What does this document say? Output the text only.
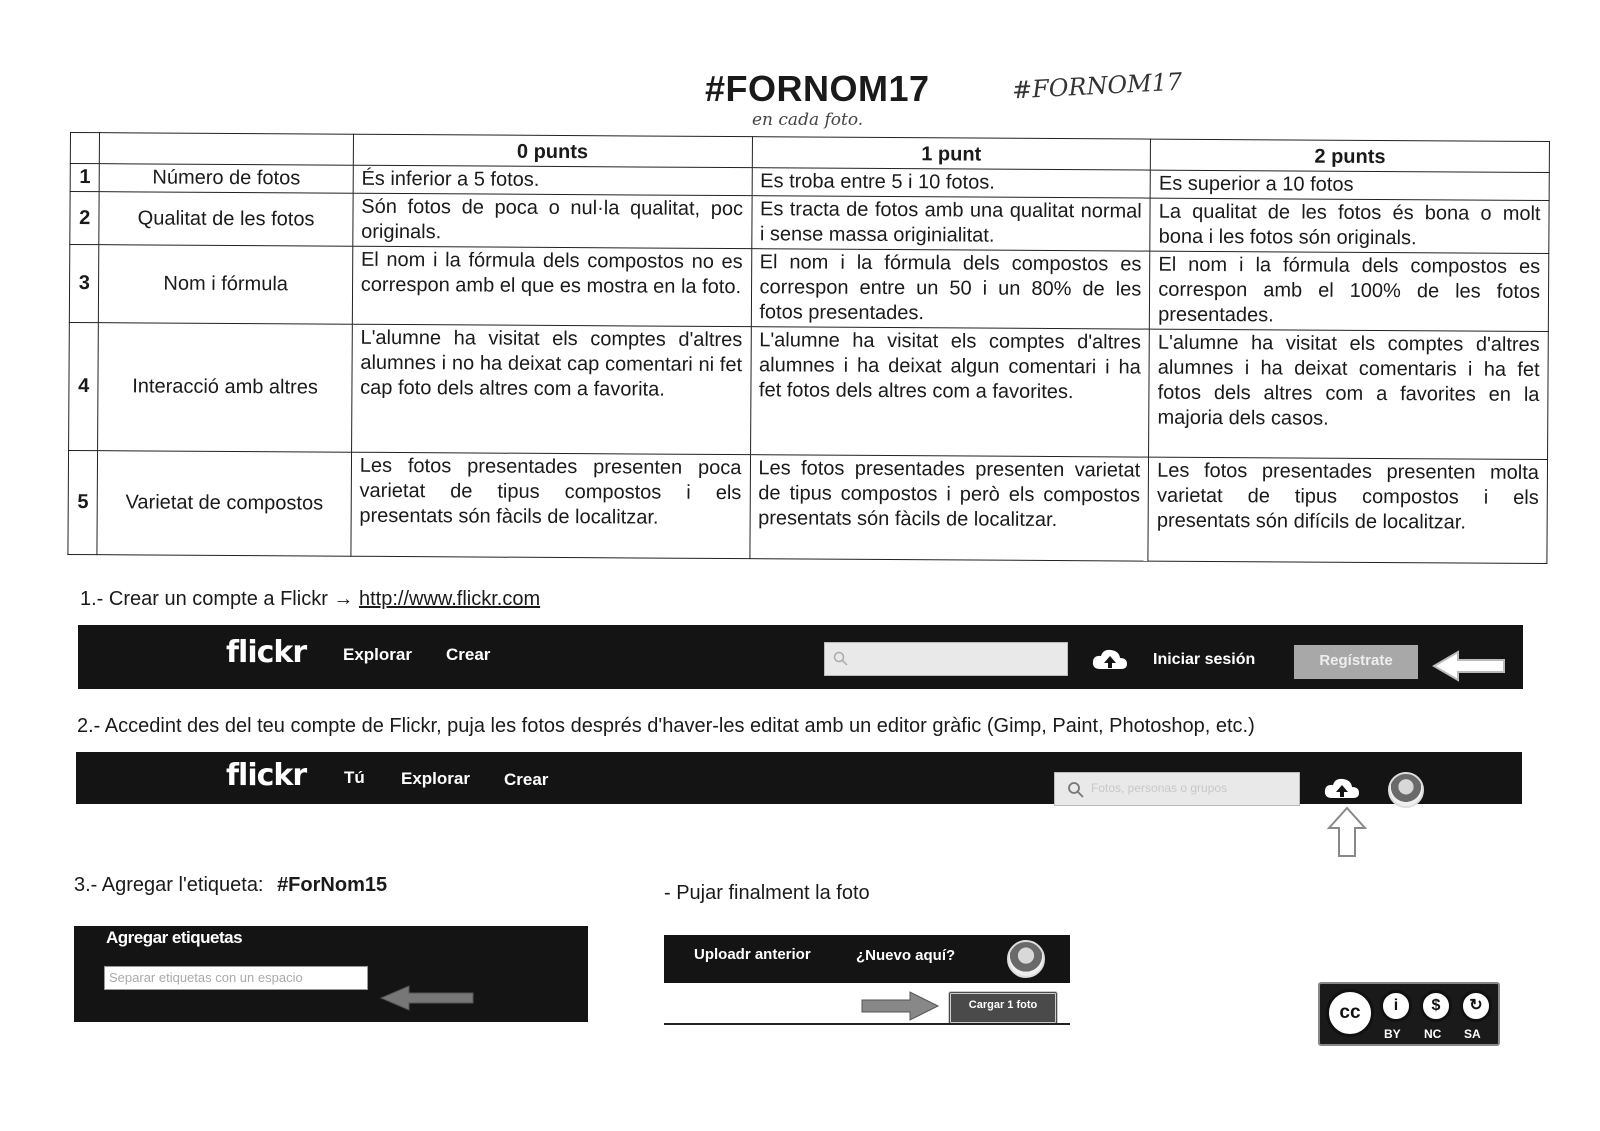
#FORNOM17	#FORNOM17
en cada foto.
		0 punts	1 punt	2 punts
1	Número de fotos	És inferior a 5 fotos.	Es troba entre 5 i 10 fotos.	Es superior a 10 fotos
2	Qualitat de les fotos	Són fotos de poca o nul·la qualitat, poc originals.	Es tracta de fotos amb una qualitat normal i sense massa originialitat.	La qualitat de les fotos és bona o molt bona i les fotos són originals.
3	Nom i fórmula	El nom i la fórmula dels compostos no es correspon amb el que es mostra en la foto.	El nom i la fórmula dels compostos es correspon entre un 50 i un 80% de les fotos presentades.	El nom i la fórmula dels compostos es correspon amb el 100% de les fotos presentades.
4	Interacció amb altres	L'alumne ha visitat els comptes d'altres alumnes i no ha deixat cap comentari ni fet cap foto dels altres com a favorita.	L'alumne ha visitat els comptes d'altres alumnes i ha deixat algun comentari i ha fet fotos dels altres com a favorites.	L'alumne ha visitat els comptes d'altres alumnes i ha deixat comentaris i ha fet fotos dels altres com a favorites en la majoria dels casos.
5	Varietat de compostos	Les fotos presentades presenten poca varietat de tipus compostos i els presentats són fàcils de localitzar.	Les fotos presentades presenten varietat de tipus compostos i però els compostos presentats són fàcils de localitzar.	Les fotos presentades presenten molta varietat de tipus compostos i els presentats són difícils de localitzar.
1.- Crear un compte a Flickr → http://www.flickr.com
flickr Explorar Crear	Iniciar sesión	Regístrate
2.- Accedint des del teu compte de Flickr, puja les fotos després d'haver-les editat amb un editor gràfic (Gimp, Paint, Photoshop, etc.)
flickr Tú Explorar Crear	Fotos, personas o grupos
3.- Agregar l'etiqueta: #ForNom15	- Pujar finalment la foto
Agregar etiquetas
Separar etiquetas con un espacio
Uploadr anterior	¿Nuevo aquí?
Cargar 1 foto	cc	i	$	↻
BY NC SA
